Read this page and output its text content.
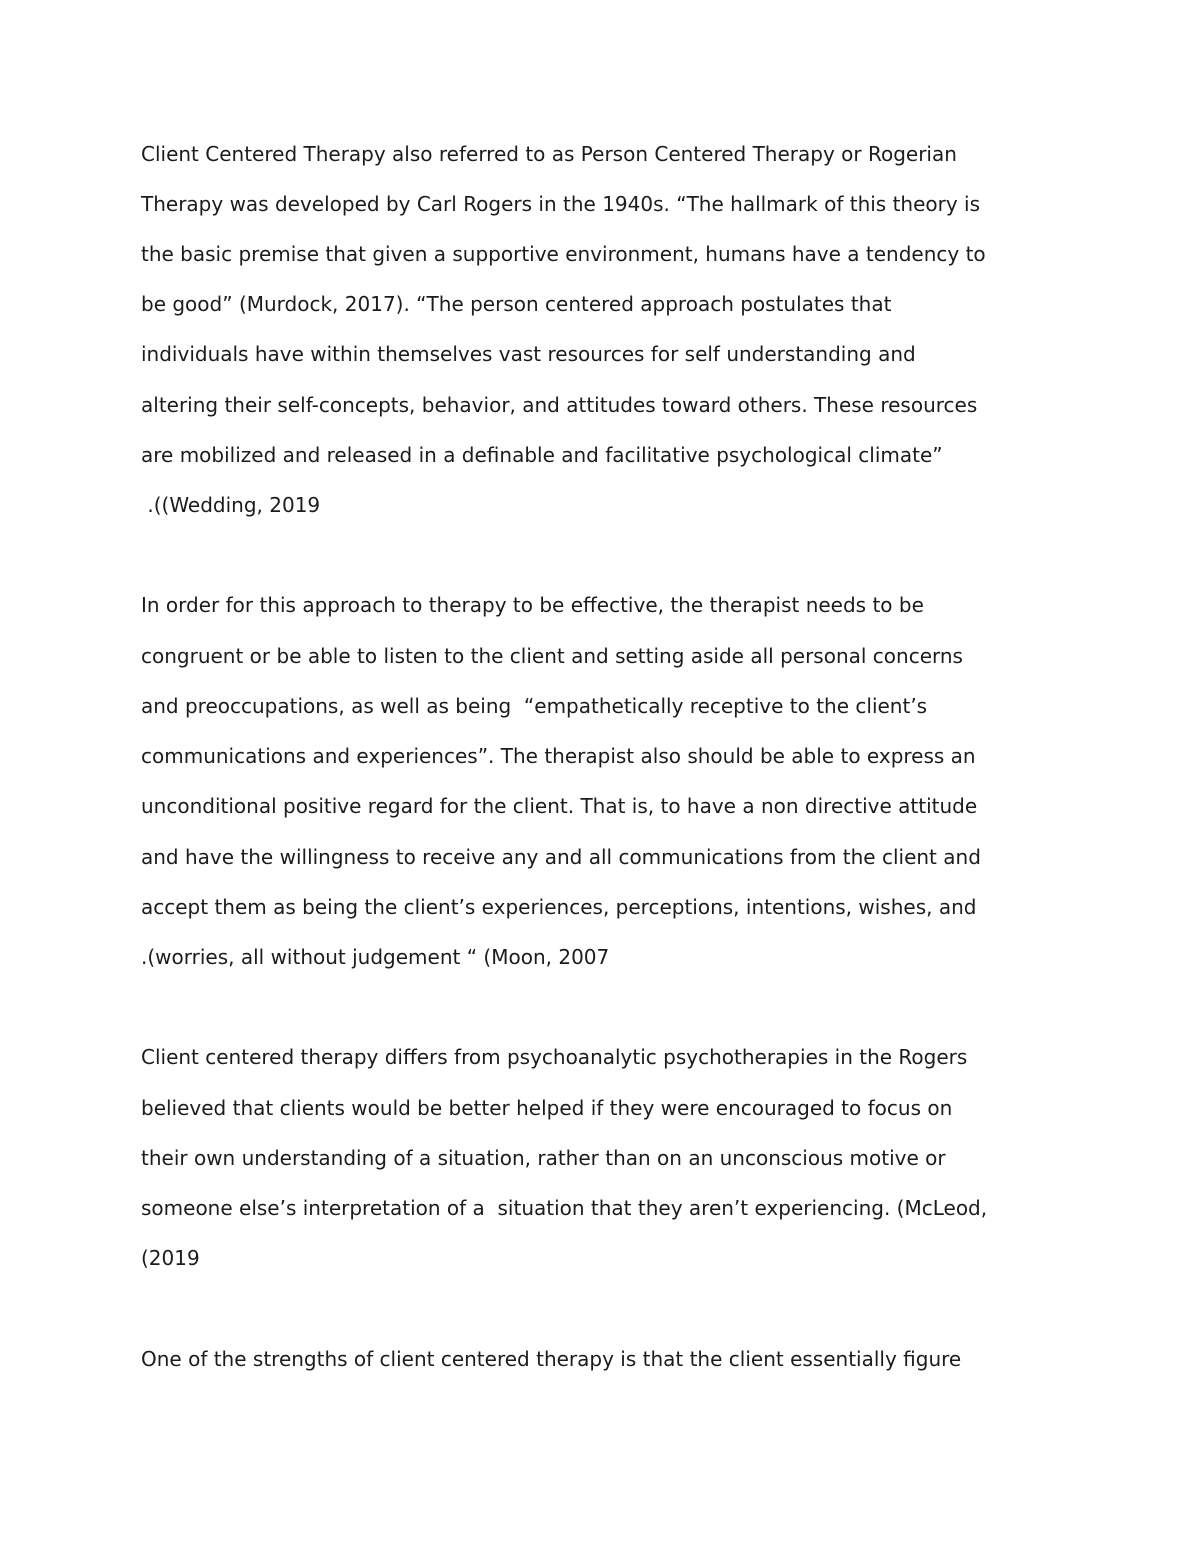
Client Centered Therapy also referred to as Person Centered Therapy or Rogerian

Therapy was developed by Carl Rogers in the 1940s. “The hallmark of this theory is

the basic premise that given a supportive environment, humans have a tendency to

be good” (Murdock, 2017). “The person centered approach postulates that

individuals have within themselves vast resources for self understanding and

altering their self-concepts, behavior, and attitudes toward others. These resources

are mobilized and released in a definable and facilitative psychological climate”

.((Wedding, 2019

In order for this approach to therapy to be effective, the therapist needs to be

congruent or be able to listen to the client and setting aside all personal concerns

and preoccupations, as well as being  “empathetically receptive to the client’s

communications and experiences”. The therapist also should be able to express an

unconditional positive regard for the client. That is, to have a non directive attitude

and have the willingness to receive any and all communications from the client and

accept them as being the client’s experiences, perceptions, intentions, wishes, and

.(worries, all without judgement “ (Moon, 2007

Client centered therapy differs from psychoanalytic psychotherapies in the Rogers

believed that clients would be better helped if they were encouraged to focus on

their own understanding of a situation, rather than on an unconscious motive or

someone else’s interpretation of a  situation that they aren’t experiencing. (McLeod,

(2019

One of the strengths of client centered therapy is that the client essentially figure
